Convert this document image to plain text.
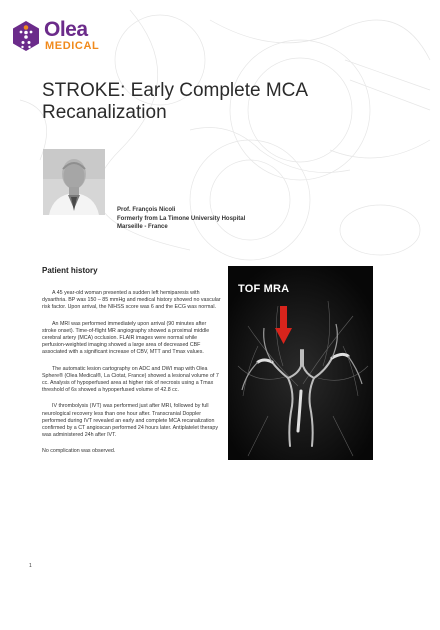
Olea
MEDICAL
STROKE: Early Complete MCA Recanalization
Prof. François Nicoli
Formerly from La Timone University Hospital
Marseille - France
Patient history

A 45 year-old woman presented a sudden left hemiparesis with dysarthria. BP was 150 – 85 mmHg and medical history showed no vascular risk factor. Upon arrival, the NIHSS score was 6 and the ECG was normal.

An MRI was performed immediately upon arrival (90 minutes after stroke onset). Time-of-flight MR angiography showed a proximal middle cerebral artery (MCA) occlusion. FLAIR images were normal while perfusion-weighted imaging showed a large area of decreased CBF associated with a significant increase of CBV, MTT and Tmax values.

The automatic lesion cartography on ADC and DWI map with Olea Sphere® (Olea Medical®, La Ciotat, France) showed a lesional volume of 7 cc. Analysis of hypoperfused area at higher risk of necrosis using a Tmax threshold of 6s showed a hypoperfused volume of 42.8 cc.

IV thrombolysis (IVT) was performed just after MRI, followed by full neurological recovery less than one hour after. Transcranial Doppler performed during IVT revealed an early and complete MCA recanalization confirmed by a CT angioscan performed 24 hours later. Antiplatelet therapy was administered 24h after IVT.

No complication was observed.

TOF MRA
1
